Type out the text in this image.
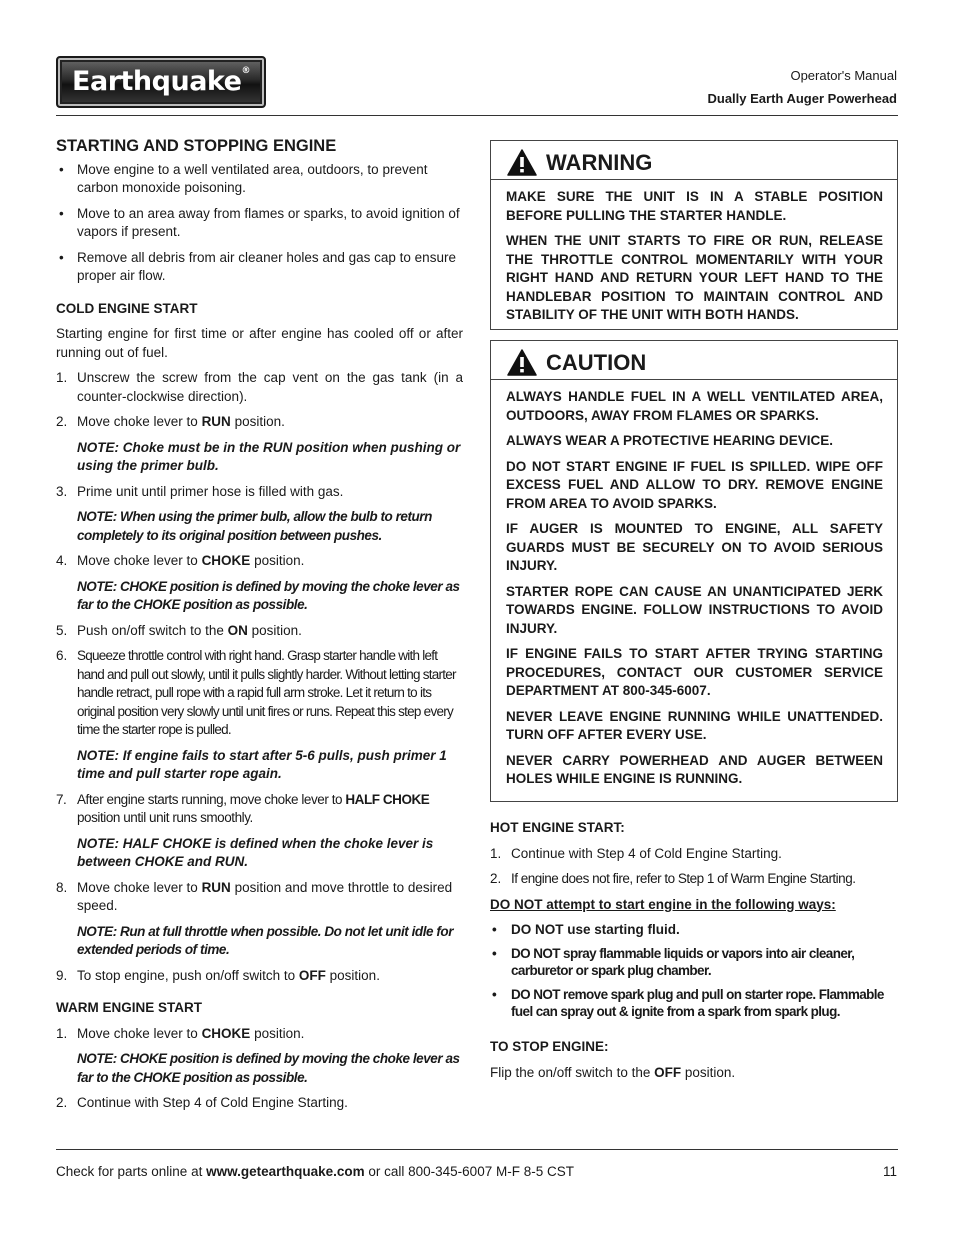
Earthquake®	Operator's Manual
Dually Earth Auger Powerhead
STARTING AND STOPPING ENGINE
• Move engine to a well ventilated area, outdoors, to prevent carbon monoxide poisoning.
• Move to an area away from flames or sparks, to avoid ignition of vapors if present.
• Remove all debris from air cleaner holes and gas cap to ensure proper air flow.
COLD ENGINE START

Starting engine for first time or after engine has cooled off or after running out of fuel.

1. Unscrew the screw from the cap vent on the gas tank (in a counter-clockwise direction).
2. Move choke lever to RUN position.
NOTE: Choke must be in the RUN position when pushing or using the primer bulb.
3. Prime unit until primer hose is filled with gas.
NOTE: When using the primer bulb, allow the bulb to return completely to its original position between pushes.
4. Move choke lever to CHOKE position.
NOTE: CHOKE position is defined by moving the choke lever as far to the CHOKE position as possible.
5. Push on/off switch to the ON position.
6. Squeeze throttle control with right hand. Grasp starter handle with left hand and pull out slowly, until it pulls slightly harder. Without letting starter handle retract, pull rope with a rapid full arm stroke. Let it return to its original position very slowly until unit fires or runs. Repeat this step every time the starter rope is pulled.
NOTE: If engine fails to start after 5-6 pulls, push primer 1 time and pull starter rope again.
7. After engine starts running, move choke lever to HALF CHOKE position until unit runs smoothly.
NOTE: HALF CHOKE is defined when the choke lever is between CHOKE and RUN.
8. Move choke lever to RUN position and move throttle to desired speed.
NOTE: Run at full throttle when possible. Do not let unit idle for extended periods of time.
9. To stop engine, push on/off switch to OFF position.
WARM ENGINE START
1. Move choke lever to CHOKE position.
NOTE: CHOKE position is defined by moving the choke lever as far to the CHOKE position as possible.
2. Continue with Step 4 of Cold Engine Starting.
WARNING

MAKE SURE THE UNIT IS IN A STABLE POSITION BEFORE PULLING THE STARTER HANDLE.

WHEN THE UNIT STARTS TO FIRE OR RUN, RELEASE THE THROTTLE CONTROL MOMENTARILY WITH YOUR RIGHT HAND AND RETURN YOUR LEFT HAND TO THE HANDLEBAR POSITION TO MAINTAIN CONTROL AND STABILITY OF THE UNIT WITH BOTH HANDS.

CAUTION

ALWAYS HANDLE FUEL IN A WELL VENTILATED AREA, OUTDOORS, AWAY FROM FLAMES OR SPARKS.

ALWAYS WEAR A PROTECTIVE HEARING DEVICE.

DO NOT START ENGINE IF FUEL IS SPILLED. WIPE OFF EXCESS FUEL AND ALLOW TO DRY. REMOVE ENGINE FROM AREA TO AVOID SPARKS.

IF AUGER IS MOUNTED TO ENGINE, ALL SAFETY GUARDS MUST BE SECURELY ON TO AVOID SERIOUS INJURY.

STARTER ROPE CAN CAUSE AN UNANTICIPATED JERK TOWARDS ENGINE. FOLLOW INSTRUCTIONS TO AVOID INJURY.

IF ENGINE FAILS TO START AFTER TRYING STARTING PROCEDURES, CONTACT OUR CUSTOMER SERVICE DEPARTMENT AT 800-345-6007.

NEVER LEAVE ENGINE RUNNING WHILE UNATTENDED. TURN OFF AFTER EVERY USE.

NEVER CARRY POWERHEAD AND AUGER BETWEEN HOLES WHILE ENGINE IS RUNNING.

HOT ENGINE START:
1. Continue with Step 4 of Cold Engine Starting.
2. If engine does not fire, refer to Step 1 of Warm Engine Starting.

DO NOT attempt to start engine in the following ways:

• DO NOT use starting fluid.
• DO NOT spray flammable liquids or vapors into air cleaner, carburetor or spark plug chamber.
• DO NOT remove spark plug and pull on starter rope. Flammable fuel can spray out & ignite from a spark from spark plug.
TO STOP ENGINE:

Flip the on/off switch to the OFF position.

Check for parts online at www.getearthquake.com or call 800-345-6007 M-F 8-5 CST	11
